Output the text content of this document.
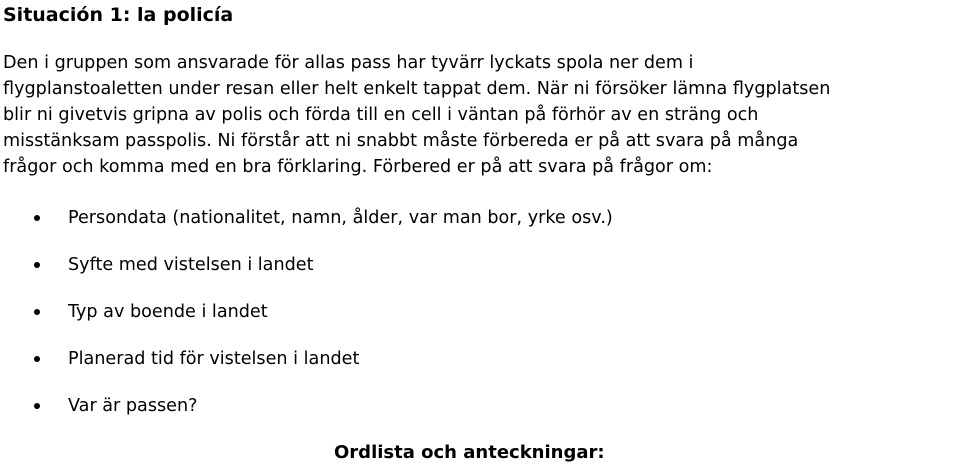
Situación 1: la policía

Den i gruppen som ansvarade för allas pass har tyvärr lyckats spola ner dem i
flygplanstoaletten under resan eller helt enkelt tappat dem. När ni försöker lämna flygplatsen
blir ni givetvis gripna av polis och förda till en cell i väntan på förhör av en sträng och
misstänksam passpolis. Ni förstår att ni snabbt måste förbereda er på att svara på många
frågor och komma med en bra förklaring. Förbered er på att svara på frågor om:

Persondata (nationalitet, namn, ålder, var man bor, yrke osv.)
Syfte med vistelsen i landet
Typ av boende i landet
Planerad tid för vistelsen i landet
Var är passen?
Ordlista och anteckningar:
